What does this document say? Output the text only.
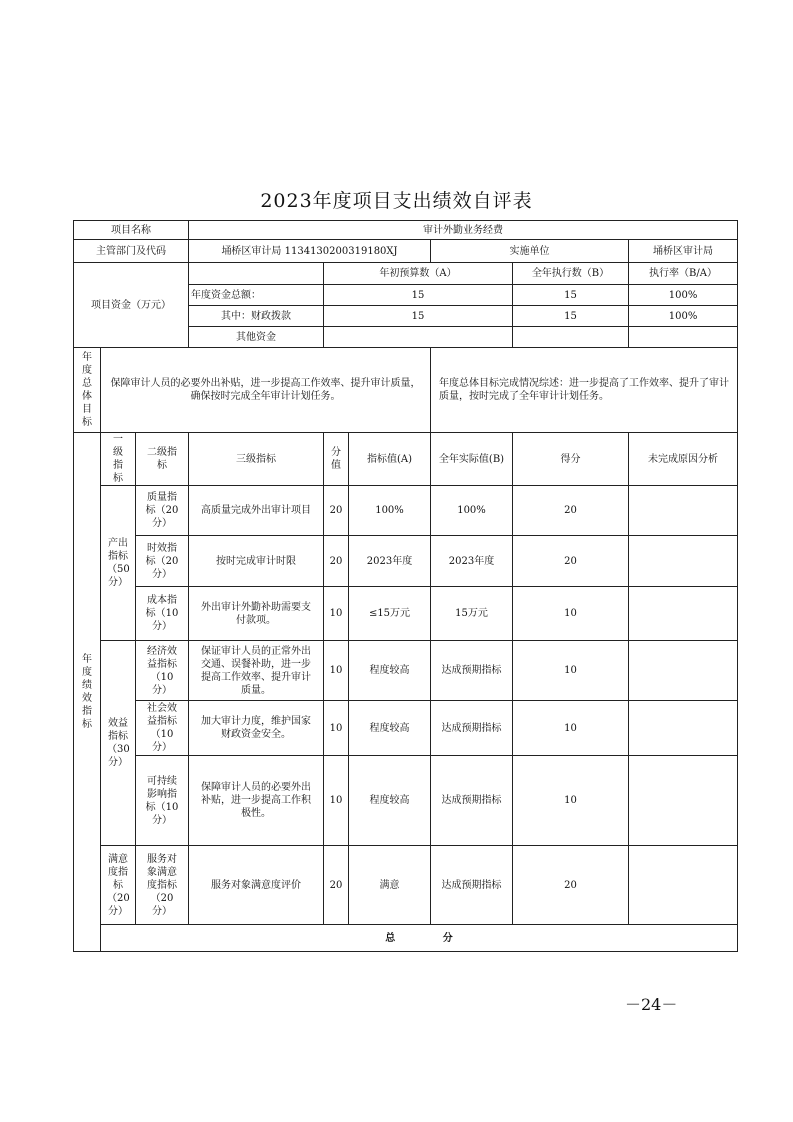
2023年度项目支出绩效自评表
项目名称			审计外勤业务经费						
主管部门及代码			埇桥区审计局 1134130200319180XJ			实施单位		埇桥区审计局	
项目资金（万元）				年初预算数（A）			全年执行数（B）	执行率（B/A）	
			年度资金总额：	15			15	100%	
			其中：财政拨款	15			15	100%	
			其他资金						
年度总体目标	保障审计人员的必要外出补贴，进一步提高工作效率、提升审计质量，确保按时完成全年审计计划任务。					年度总体目标完成情况综述：进一步提高了工作效率、提升了审计质量，按时完成了全年审计计划任务。			
年度绩效指标	一级指标	二级指标	三级指标	分值	指标值(A)	全年实际值(B)	得分	未完成原因分析	
	产出指标（50分）	质量指标（20分）	高质量完成外出审计项目	20	100%	100%	20		
		时效指标（20分）	按时完成审计时限	20	2023年度	2023年度	20		
		成本指标（10分）	外出审计外勤补助需要支付款项。	10	≤15万元	15万元	10		
	效益指标（30分）	经济效益指标（10分）	保证审计人员的正常外出交通、误餐补助，进一步提高工作效率、提升审计质量。	10	程度较高	达成预期指标	10		
		社会效益指标（10分）	加大审计力度，维护国家财政资金安全。	10	程度较高	达成预期指标	10		
		可持续影响指标（10分）	保障审计人员的必要外出补贴，进一步提高工作积极性。	10	程度较高	达成预期指标	10		
	满意度指标（20分）	服务对象满意度指标（20分）	服务对象满意度评价	20	满意	达成预期指标	20		
	总 分	
－24－
